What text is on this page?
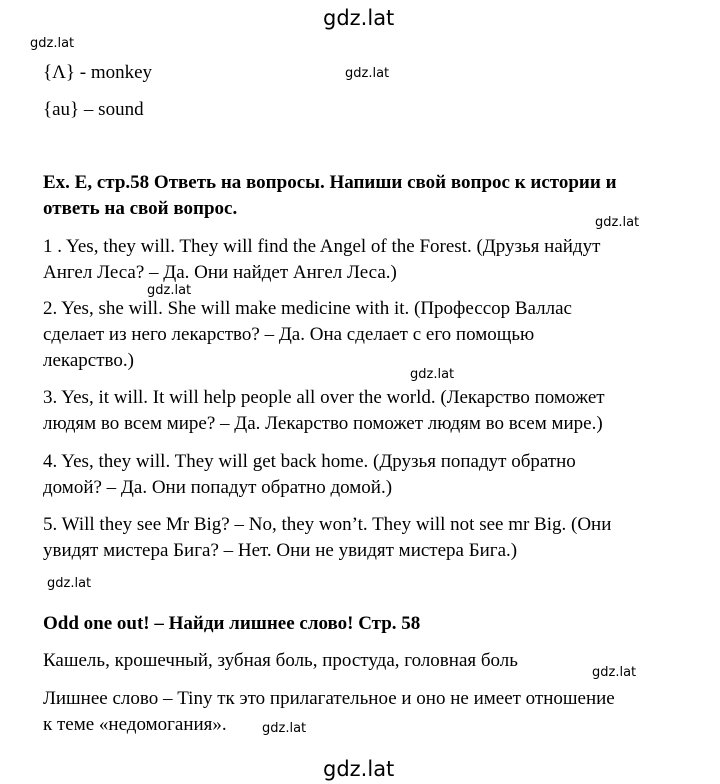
gdz.lat
gdz.lat
gdz.lat
gdz.lat
gdz.lat
gdz.lat
gdz.lat
gdz.lat
gdz.lat
gdz.lat
{Λ} - monkey
{au} – sound
Ex. E, стр.58 Ответь на вопросы. Напиши свой вопрос к истории и
ответь на свой вопрос.
1 . Yes, they will. They will find the Angel of the Forest. (Друзья найдут
Ангел Леса? – Да. Они найдет Ангел Леса.)
2. Yes, she will. She will make medicine with it. (Профессор Валлас
сделает из него лекарство? – Да. Она сделает с его помощью
лекарство.)
3. Yes, it will. It will help people all over the world. (Лекарство поможет
людям во всем мире? – Да. Лекарство поможет людям во всем мире.)
4. Yes, they will. They will get back home. (Друзья попадут обратно
домой? – Да. Они попадут обратно домой.)
5. Will they see Mr Big? – No, they won’t. They will not see mr Big. (Они
увидят мистера Бига? – Нет. Они не увидят мистера Бига.)
Odd one out! – Найди лишнее слово! Стр. 58
Кашель, крошечный, зубная боль, простуда, головная боль
Лишнее слово – Tiny тк это прилагательное и оно не имеет отношение
к теме «недомогания».
